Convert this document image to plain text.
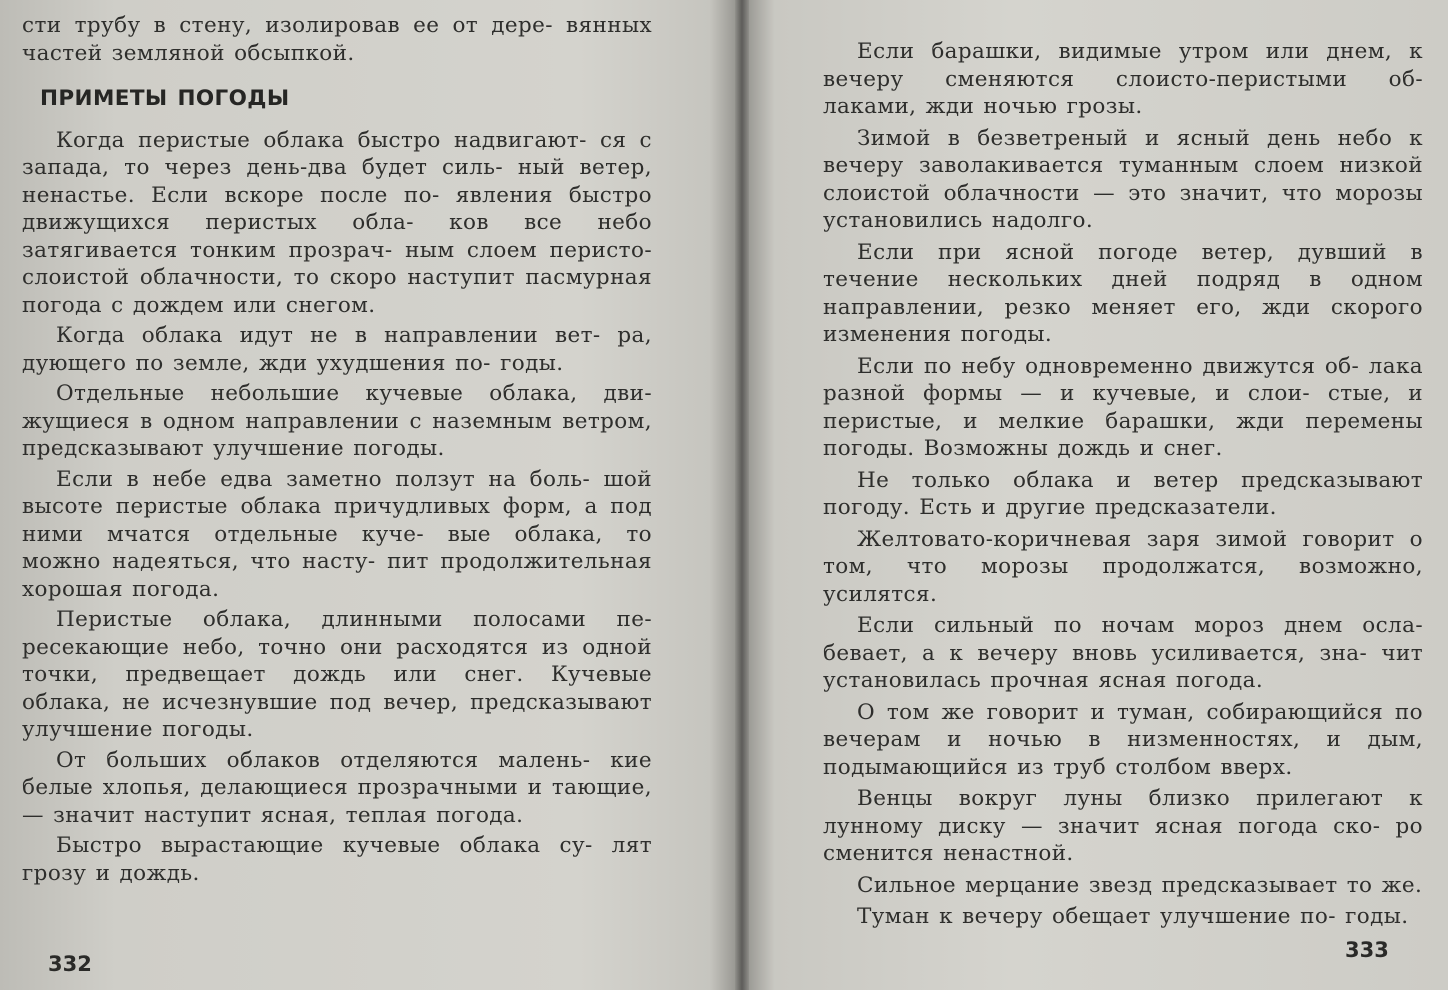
сти трубу в стену, изолировав ее от дере- вянных частей земляной обсыпкой.

ПРИМЕТЫ ПОГОДЫ

Когда перистые облака быстро надвигают- ся с запада, то через день-два будет силь- ный ветер, ненастье. Если вскоре после по- явления быстро движущихся перистых обла- ков все небо затягивается тонким прозрач- ным слоем перисто-слоистой облачности, то скоро наступит пасмурная погода с дождем или снегом.

Когда облака идут не в направлении вет- ра, дующего по земле, жди ухудшения по- годы.

Отдельные небольшие кучевые облака, дви- жущиеся в одном направлении с наземным ветром, предсказывают улучшение погоды.

Если в небе едва заметно ползут на боль- шой высоте перистые облака причудливых форм, а под ними мчатся отдельные куче- вые облака, то можно надеяться, что насту- пит продолжительная хорошая погода.

Перистые облака, длинными полосами пе- ресекающие небо, точно они расходятся из одной точки, предвещает дождь или снег. Кучевые облака, не исчезнувшие под вечер, предсказывают улучшение погоды.

От больших облаков отделяются малень- кие белые хлопья, делающиеся прозрачными и тающие, — значит наступит ясная, теплая погода.

Быстро вырастающие кучевые облака су- лят грозу и дождь.

332

Если барашки, видимые утром или днем, к вечеру сменяются слоисто-перистыми об- лаками, жди ночью грозы.

Зимой в безветреный и ясный день небо к вечеру заволакивается туманным слоем низкой слоистой облачности — это значит, что морозы установились надолго.

Если при ясной погоде ветер, дувший в течение нескольких дней подряд в одном направлении, резко меняет его, жди скорого изменения погоды.

Если по небу одновременно движутся об- лака разной формы — и кучевые, и слои- стые, и перистые, и мелкие барашки, жди перемены погоды. Возможны дождь и снег.

Не только облака и ветер предсказывают погоду. Есть и другие предсказатели.

Желтовато-коричневая заря зимой говорит о том, что морозы продолжатся, возможно, усилятся.

Если сильный по ночам мороз днем осла- бевает, а к вечеру вновь усиливается, зна- чит установилась прочная ясная погода.

О том же говорит и туман, собирающийся по вечерам и ночью в низменностях, и дым, подымающийся из труб столбом вверх.

Венцы вокруг луны близко прилегают к лунному диску — значит ясная погода ско- ро сменится ненастной.

Сильное мерцание звезд предсказывает то же.

Туман к вечеру обещает улучшение по- годы.

333
